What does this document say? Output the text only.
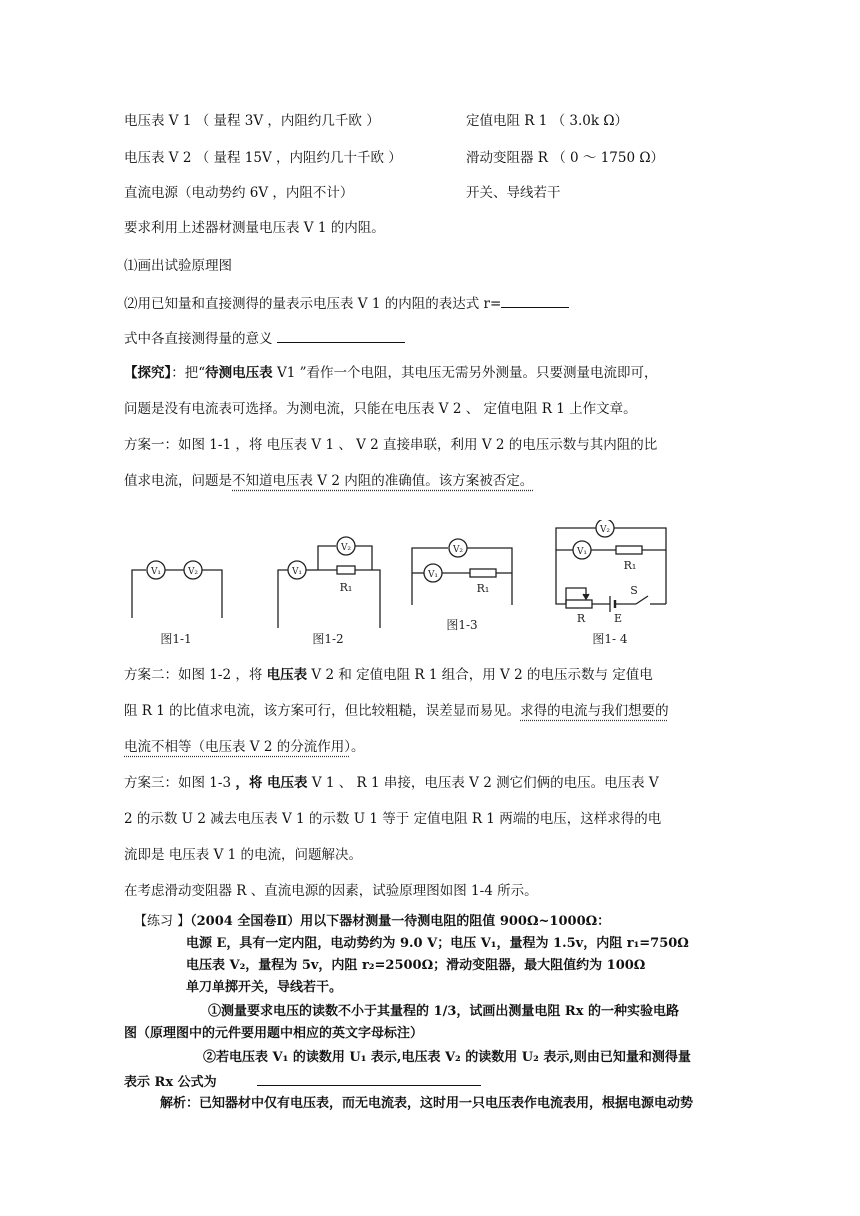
电压表 V 1 （ 量程 3V ，内阻约几千欧 ）	定值电阻 R 1 （ 3.0k Ω）
电压表 V 2 （ 量程 15V ，内阻约几十千欧 ）	滑动变阻器 R （ 0 ～ 1750 Ω）
直流电源（电动势约 6V ，内阻不计）	开关、导线若干
要求利用上述器材测量电压表 V 1 的内阻。
⑴画出试验原理图
⑵用已知量和直接测得的量表示电压表 V 1 的内阻的表达式 r=
式中各直接测得量的意义
【探究】：把“待测电压表 V1 ”看作一个电阻，其电压无需另外测量。只要测量电流即可，
问题是没有电流表可选择。为测电流，只能在电压表 V 2 、 定值电阻 R 1 上作文章。
方案一：如图 1-1 ，将 电压表 V 1 、 V 2 直接串联，利用 V 2 的电压示数与其内阻的比
值求电流，问题是不知道电压表 V 2 内阻的准确值。该方案被否定。
V₁	V₂	V₁
V₂	V₂
V₁
V₁
V₂
R₁	R₁
R₁
R	E
S
图1-1	图1-2
图1-3
图1- 4
方案二：如图 1-2 ，将 电压表 V 2 和 定值电阻 R 1 组合，用 V 2 的电压示数与 定值电
阻 R 1 的比值求电流，该方案可行，但比较粗糙，误差显而易见。求得的电流与我们想要的
电流不相等（电压表 V 2 的分流作用）。
方案三：如图 1-3 ，将 电压表 V 1 、 R 1 串接，电压表 V 2 测它们俩的电压。电压表 V
2 的示数 U 2 减去电压表 V 1 的示数 U 1 等于 定值电阻 R 1 两端的电压，这样求得的电
流即是 电压表 V 1 的电流，问题解决。
在考虑滑动变阻器 R 、直流电源的因素，试验原理图如图 1-4 所示。
【练习 】（2004 全国卷Ⅱ）用以下器材测量一待测电阻的阻值 900Ω~1000Ω：
电源 E，具有一定内阻，电动势约为 9.0 V；电压 V₁，量程为 1.5v，内阻 r₁=750Ω
电压表 V₂，量程为 5v，内阻 r₂=2500Ω；滑动变阻器，最大阻值约为 100Ω
单刀单掷开关，导线若干。
①测量要求电压的读数不小于其量程的 1/3，试画出测量电阻 Rx 的一种实验电路
图（原理图中的元件要用题中相应的英文字母标注）
②若电压表 V₁ 的读数用 U₁ 表示,电压表 V₂ 的读数用 U₂ 表示,则由已知量和测得量
表示 Rx 公式为
解析：已知器材中仅有电压表，而无电流表，这时用一只电压表作电流表用，根据电源电动势
